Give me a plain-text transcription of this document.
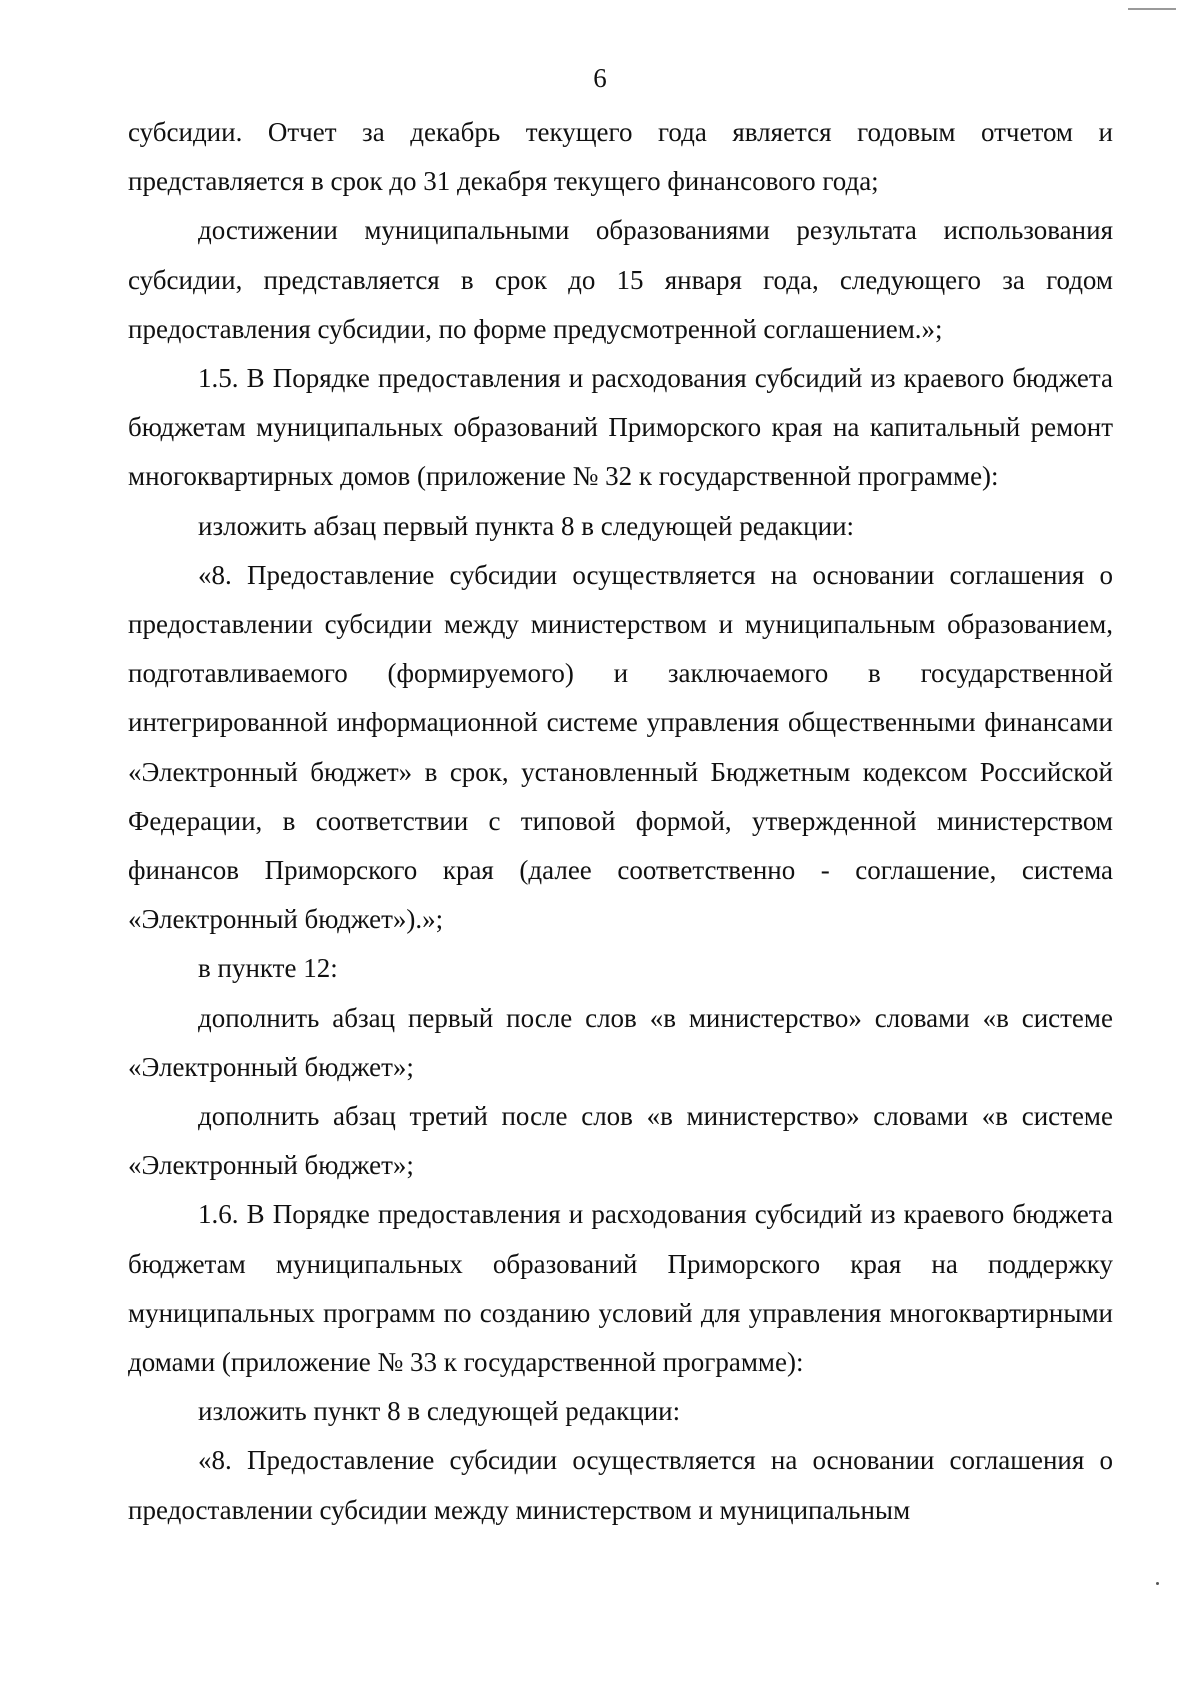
6

субсидии. Отчет за декабрь текущего года является годовым отчетом и представляется в срок до 31 декабря текущего финансового года;

достижении муниципальными образованиями результата использования субсидии, представляется в срок до 15 января года, следующего за годом предоставления субсидии, по форме предусмотренной соглашением.»;

1.5. В Порядке предоставления и расходования субсидий из краевого бюджета бюджетам муниципальных образований Приморского края на капитальный ремонт многоквартирных домов (приложение № 32 к государственной программе):

изложить абзац первый пункта 8 в следующей редакции:

«8. Предоставление субсидии осуществляется на основании соглашения о предоставлении субсидии между министерством и муниципальным образованием, подготавливаемого (формируемого) и заключаемого в государственной интегрированной информационной системе управления общественными финансами «Электронный бюджет» в срок, установленный Бюджетным кодексом Российской Федерации, в соответствии с типовой формой, утвержденной министерством финансов Приморского края (далее соответственно - соглашение, система «Электронный бюджет»).»;

в пункте 12:

дополнить абзац первый после слов «в министерство» словами «в системе «Электронный бюджет»;

дополнить абзац третий после слов «в министерство» словами «в системе «Электронный бюджет»;

1.6. В Порядке предоставления и расходования субсидий из краевого бюджета бюджетам муниципальных образований Приморского края на поддержку муниципальных программ по созданию условий для управления многоквартирными домами (приложение № 33 к государственной программе):

изложить пункт 8 в следующей редакции:

«8. Предоставление субсидии осуществляется на основании соглашения о предоставлении субсидии между министерством и муниципальным
